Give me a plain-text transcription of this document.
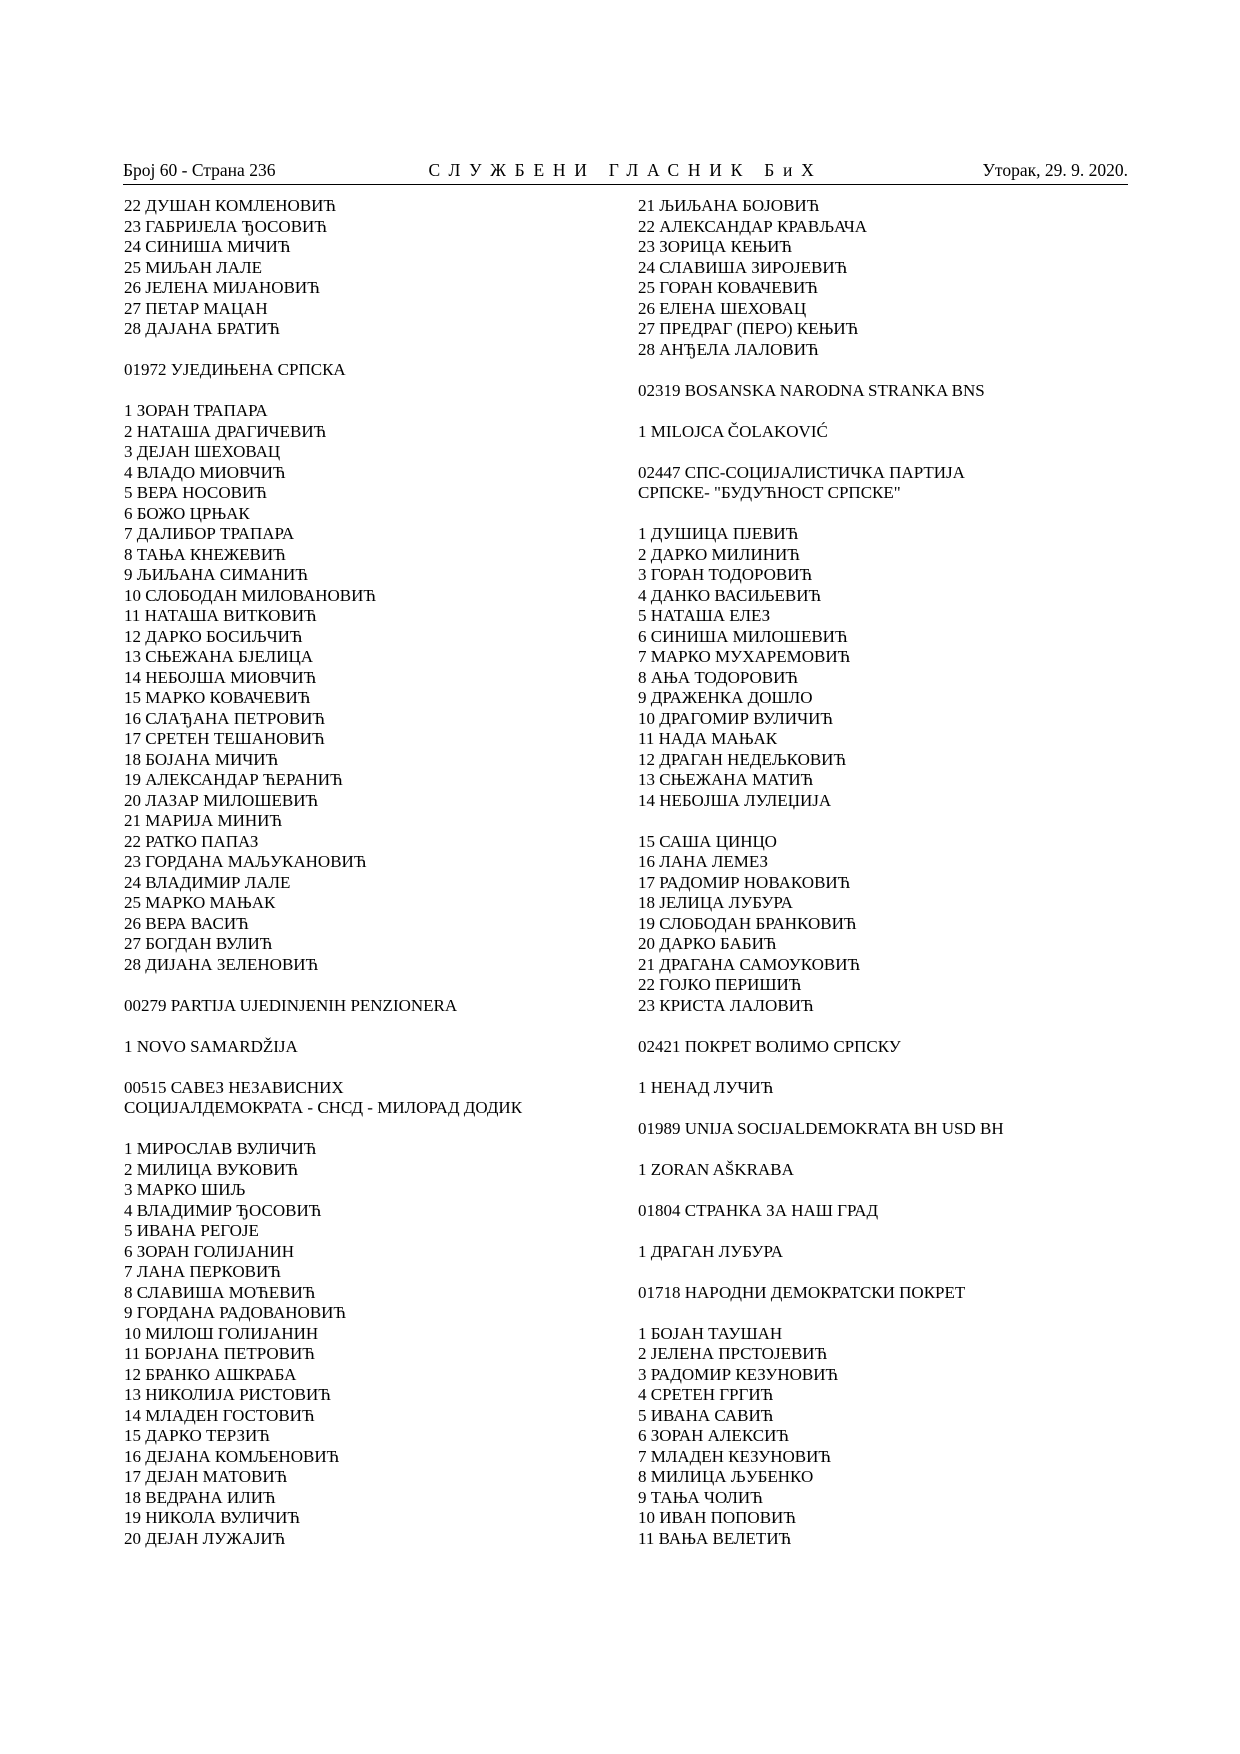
Број 60 - Страна 236	СЛУЖБЕНИ ГЛАСНИК БиХ	Уторак, 29. 9. 2020.
22 ДУШАН КОМЛЕНОВИЋ
23 ГАБРИЈЕЛА ЂОСОВИЋ
24 СИНИША МИЧИЋ
25 МИЉАН ЛАЛЕ
26 ЈЕЛЕНА МИЈАНОВИЋ
27 ПЕТАР МАЦАН
28 ДАЈАНА БРАТИЋ
01972 УЈЕДИЊЕНА СРПСКА
1 ЗОРАН ТРАПАРА
2 НАТАША ДРАГИЧЕВИЋ
3 ДЕЈАН ШЕХОВАЦ
4 ВЛАДО МИОВЧИЋ
5 ВЕРА НОСОВИЋ
6 БОЖО ЦРЊАК
7 ДАЛИБОР ТРАПАРА
8 ТАЊА КНЕЖЕВИЋ
9 ЉИЉАНА СИМАНИЋ
10 СЛОБОДАН МИЛОВАНОВИЋ
11 НАТАША ВИТКОВИЋ
12 ДАРКО БОСИЉЧИЋ
13 СЊЕЖАНА БЈЕЛИЦА
14 НЕБОЈША МИОВЧИЋ
15 МАРКО КОВАЧЕВИЋ
16 СЛАЂАНА ПЕТРОВИЋ
17 СРЕТЕН ТЕШАНОВИЋ
18 БОЈАНА МИЧИЋ
19 АЛЕКСАНДАР ЋЕРАНИЋ
20 ЛАЗАР МИЛОШЕВИЋ
21 МАРИЈА МИНИЋ
22 РАТКО ПАПАЗ
23 ГОРДАНА МАЉУКАНОВИЋ
24 ВЛАДИМИР ЛАЛЕ
25 МАРКО МАЊАК
26 ВЕРА ВАСИЋ
27 БОГДАН ВУЛИЋ
28 ДИЈАНА ЗЕЛЕНОВИЋ
00279 PARTIJA UJEDINJENIH PENZIONERA
1 NOVO SAMARDŽIJA
00515 САВЕЗ НЕЗАВИСНИХ
СОЦИЈАЛДЕМОКРАТА - СНСД - МИЛОРАД ДОДИК
1 МИРОСЛАВ ВУЛИЧИЋ
2 МИЛИЦА ВУКОВИЋ
3 МАРКО ШИЉ
4 ВЛАДИМИР ЂОСОВИЋ
5 ИВАНА РЕГОЈЕ
6 ЗОРАН ГОЛИЈАНИН
7 ЛАНА ПЕРКОВИЋ
8 СЛАВИША МОЋЕВИЋ
9 ГОРДАНА РАДОВАНОВИЋ
10 МИЛОШ ГОЛИЈАНИН
11 БОРЈАНА ПЕТРОВИЋ
12 БРАНКО АШКРАБА
13 НИКОЛИЈА РИСТОВИЋ
14 МЛАДЕН ГОСТОВИЋ
15 ДАРКО ТЕРЗИЋ
16 ДЕЈАНА КОМЉЕНОВИЋ
17 ДЕЈАН МАТОВИЋ
18 ВЕДРАНА ИЛИЋ
19 НИКОЛА ВУЛИЧИЋ
20 ДЕЈАН ЛУЖАЈИЋ
21 ЉИЉАНА БОЈОВИЋ
22 АЛЕКСАНДАР КРАВЉАЧА
23 ЗОРИЦА КЕЊИЋ
24 СЛАВИША ЗИРОЈЕВИЋ
25 ГОРАН КОВАЧЕВИЋ
26 ЕЛЕНА ШЕХОВАЦ
27 ПРЕДРАГ (ПЕРО) КЕЊИЋ
28 АНЂЕЛА ЛАЛОВИЋ
02319 BOSANSKA NARODNA STRANKA BNS
1 MILOJCA ČOLAKOVIĆ
02447 СПС-СОЦИЈАЛИСТИЧКА ПАРТИЈА
СРПСКЕ- "БУДУЋНОСТ СРПСКЕ"
1 ДУШИЦА ПЈЕВИЋ
2 ДАРКО МИЛИНИЋ
3 ГОРАН ТОДОРОВИЋ
4 ДАНКО ВАСИЉЕВИЋ
5 НАТАША ЕЛЕЗ
6 СИНИША МИЛОШЕВИЋ
7 МАРКО МУХАРЕМОВИЋ
8 АЊА ТОДОРОВИЋ
9 ДРАЖЕНКА ДОШЛО
10 ДРАГОМИР ВУЛИЧИЋ
11 НАДА МАЊАК
12 ДРАГАН НЕДЕЉКОВИЋ
13 СЊЕЖАНА МАТИЋ
14 НЕБОЈША ЛУЛЕЏИЈА
15 САША ЦИНЦО
16 ЛАНА ЛЕМЕЗ
17 РАДОМИР НОВАКОВИЋ
18 ЈЕЛИЦА ЛУБУРА
19 СЛОБОДАН БРАНКОВИЋ
20 ДАРКО БАБИЋ
21 ДРАГАНА САМОУКОВИЋ
22 ГОЈКО ПЕРИШИЋ
23 КРИСТА ЛАЛОВИЋ
02421 ПОКРЕТ ВОЛИМО СРПСКУ
1 НЕНАД ЛУЧИЋ
01989 UNIJA SOCIJALDEMOKRATA BH USD BH
1 ZORAN AŠKRABA
01804 СТРАНКА ЗА НАШ ГРАД
1 ДРАГАН ЛУБУРА
01718 НАРОДНИ ДЕМОКРАТСКИ ПОКРЕТ
1 БОЈАН ТАУШАН
2 ЈЕЛЕНА ПРСТОЈЕВИЋ
3 РАДОМИР КЕЗУНОВИЋ
4 СРЕТЕН ГРГИЋ
5 ИВАНА САВИЋ
6 ЗОРАН АЛЕКСИЋ
7 МЛАДЕН КЕЗУНОВИЋ
8 МИЛИЦА ЉУБЕНКО
9 ТАЊА ЧОЛИЋ
10 ИВАН ПОПОВИЋ
11 ВАЊА ВЕЛЕТИЋ
